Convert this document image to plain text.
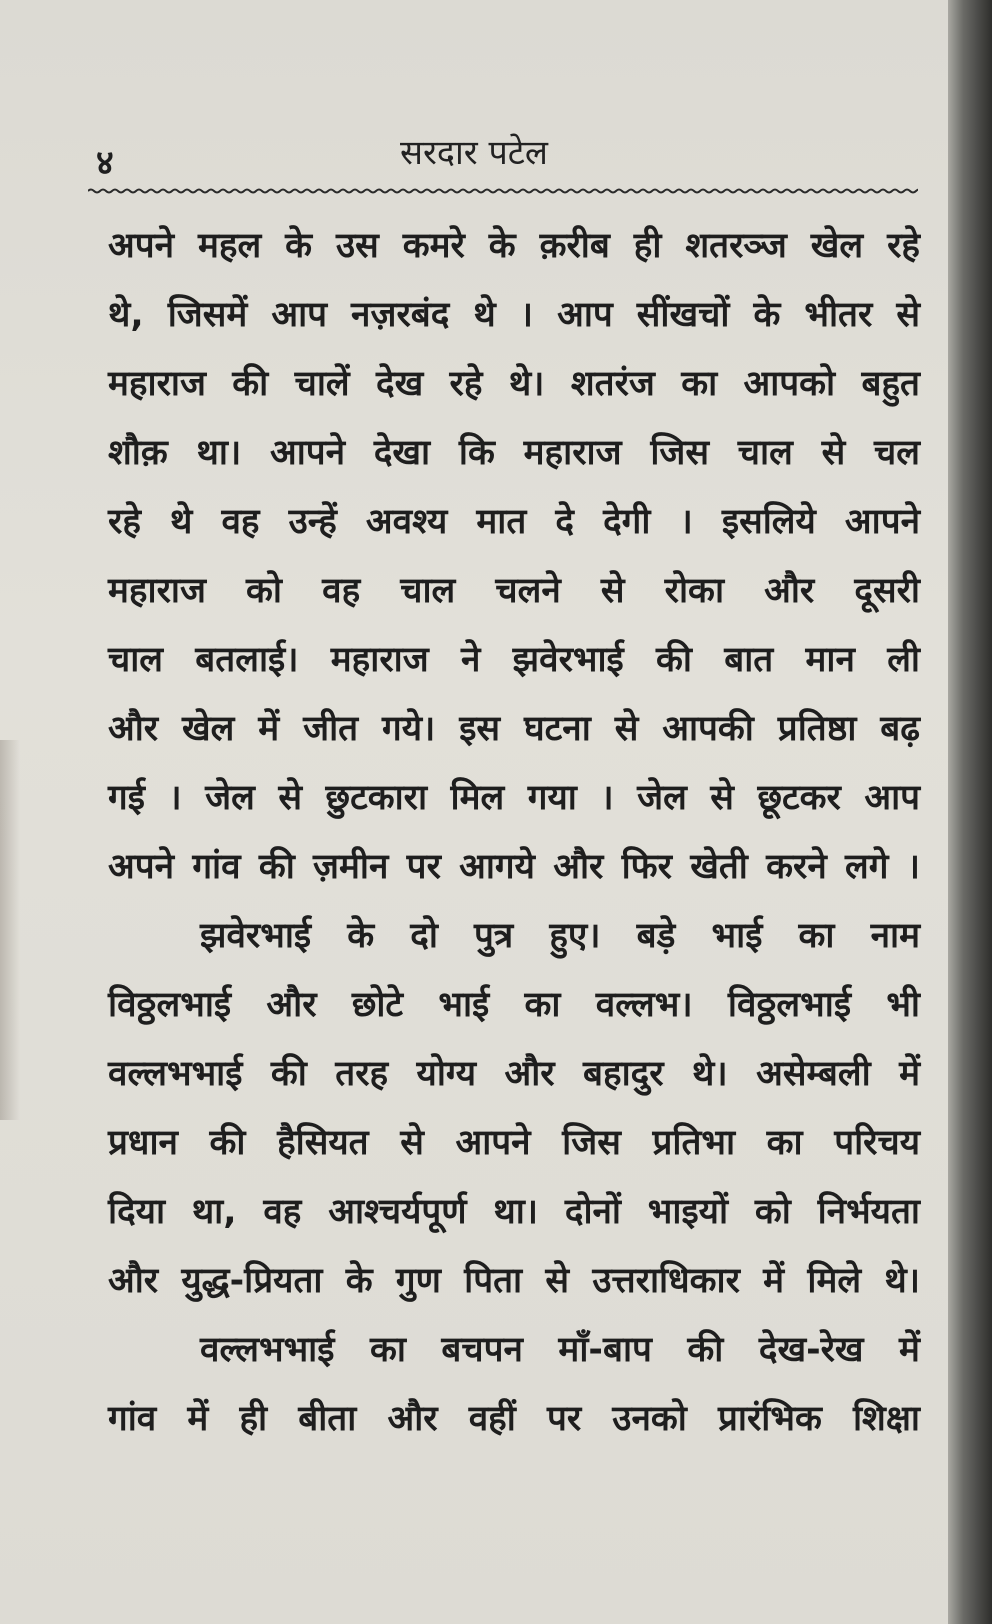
४	सरदार पटेल
अपने महल के उस कमरे के क़रीब ही शतरञ्ज खेल रहे
थे, जिसमें आप नज़रबंद थे । आप सींखचों के भीतर से
महाराज की चालें देख रहे थे। शतरंज का आपको बहुत
शौक़ था। आपने देखा कि महाराज जिस चाल से चल
रहे थे वह उन्हें अवश्य मात दे देगी । इसलिये आपने
महाराज को वह चाल चलने से रोका और दूसरी
चाल बतलाई। महाराज ने झवेरभाई की बात मान ली
और खेल में जीत गये। इस घटना से आपकी प्रतिष्ठा बढ़
गई । जेल से छुटकारा मिल गया । जेल से छूटकर आप
अपने गांव की ज़मीन पर आगये और फिर खेती करने लगे ।
झवेरभाई के दो पुत्र हुए। बड़े भाई का नाम
विठ्ठलभाई और छोटे भाई का वल्लभ। विठ्ठलभाई भी
वल्लभभाई की तरह योग्य और बहादुर थे। असेम्बली में
प्रधान की हैसियत से आपने जिस प्रतिभा का परिचय
दिया था, वह आश्चर्यपूर्ण था। दोनों भाइयों को निर्भयता
और युद्ध-प्रियता के गुण पिता से उत्तराधिकार में मिले थे।
वल्लभभाई का बचपन माँ-बाप की देख-रेख में
गांव में ही बीता और वहीं पर उनको प्रारंभिक शिक्षा
